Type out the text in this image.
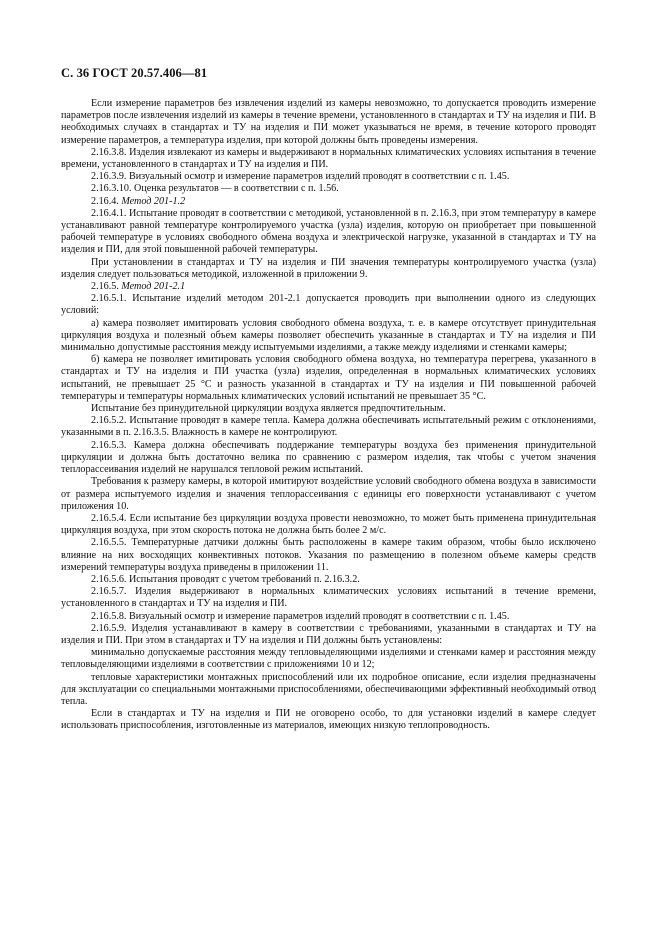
С. 36 ГОСТ 20.57.406—81

Если измерение параметров без извлечения изделий из камеры невозможно, то допускается проводить измерение параметров после извлечения изделий из камеры в течение времени, установленного в стандартах и ТУ на изделия и ПИ. В необходимых случаях в стандартах и ТУ на изделия и ПИ может указываться не время, в течение которого проводят измерение параметров, а температура изделия, при которой должны быть проведены измерения.

2.16.3.8. Изделия извлекают из камеры и выдерживают в нормальных климатических условиях испытания в течение времени, установленного в стандартах и ТУ на изделия и ПИ.

2.16.3.9. Визуальный осмотр и измерение параметров изделий проводят в соответствии с п. 1.45.

2.16.3.10. Оценка результатов — в соответствии с п. 1.56.

2.16.4. Метод 201-1.2

2.16.4.1. Испытание проводят в соответствии с методикой, установленной в п. 2.16.3, при этом температуру в камере устанавливают равной температуре контролируемого участка (узла) изделия, которую он приобретает при повышенной рабочей температуре в условиях свободного обмена воздуха и электрической нагрузке, указанной в стандартах и ТУ на изделия и ПИ, для этой повышенной рабочей температуры.

При установлении в стандартах и ТУ на изделия и ПИ значения температуры контролируемого участка (узла) изделия следует пользоваться методикой, изложенной в приложении 9.

2.16.5. Метод 201-2.1

2.16.5.1. Испытание изделий методом 201-2.1 допускается проводить при выполнении одного из следующих условий:

а) камера позволяет имитировать условия свободного обмена воздуха, т. е. в камере отсутствует принудительная циркуляция воздуха и полезный объем камеры позволяет обеспечить указанные в стандартах и ТУ на изделия и ПИ минимально допустимые расстояния между испытуемыми изделиями, а также между изделиями и стенками камеры;

б) камера не позволяет имитировать условия свободного обмена воздуха, но температура перегрева, указанного в стандартах и ТУ на изделия и ПИ участка (узла) изделия, определенная в нормальных климатических условиях испытаний, не превышает 25 °С и разность указанной в стандартах и ТУ на изделия и ПИ повышенной рабочей температуры и температуры нормальных климатических условий испытаний не превышает 35 °С.

Испытание без принудительной циркуляции воздуха является предпочтительным.

2.16.5.2. Испытание проводят в камере тепла. Камера должна обеспечивать испытательный режим с отклонениями, указанными в п. 2.16.3.5. Влажность в камере не контролируют.

2.16.5.3. Камера должна обеспечивать поддержание температуры воздуха без применения принудительной циркуляции и должна быть достаточно велика по сравнению с размером изделия, так чтобы с учетом значения теплорассеивания изделий не нарушался тепловой режим испытаний.

Требования к размеру камеры, в которой имитируют воздействие условий свободного обмена воздуха в зависимости от размера испытуемого изделия и значения теплорассеивания с единицы его поверхности устанавливают с учетом приложения 10.

2.16.5.4. Если испытание без циркуляции воздуха провести невозможно, то может быть применена принудительная циркуляция воздуха, при этом скорость потока не должна быть более 2 м/с.

2.16.5.5. Температурные датчики должны быть расположены в камере таким образом, чтобы было исключено влияние на них восходящих конвективных потоков. Указания по размещению в полезном объеме камеры средств измерений температуры воздуха приведены в приложении 11.

2.16.5.6. Испытания проводят с учетом требований п. 2.16.3.2.

2.16.5.7. Изделия выдерживают в нормальных климатических условиях испытаний в течение времени, установленного в стандартах и ТУ на изделия и ПИ.

2.16.5.8. Визуальный осмотр и измерение параметров изделий проводят в соответствии с п. 1.45.

2.16.5.9. Изделия устанавливают в камеру в соответствии с требованиями, указанными в стандартах и ТУ на изделия и ПИ. При этом в стандартах и ТУ на изделия и ПИ должны быть установлены:

минимально допускаемые расстояния между тепловыделяющими изделиями и стенками камер и расстояния между тепловыделяющими изделиями в соответствии с приложениями 10 и 12;

тепловые характеристики монтажных приспособлений или их подробное описание, если изделия предназначены для эксплуатации со специальными монтажными приспособлениями, обеспечивающими эффективный необходимый отвод тепла.

Если в стандартах и ТУ на изделия и ПИ не оговорено особо, то для установки изделий в камере следует использовать приспособления, изготовленные из материалов, имеющих низкую теплопроводность.
